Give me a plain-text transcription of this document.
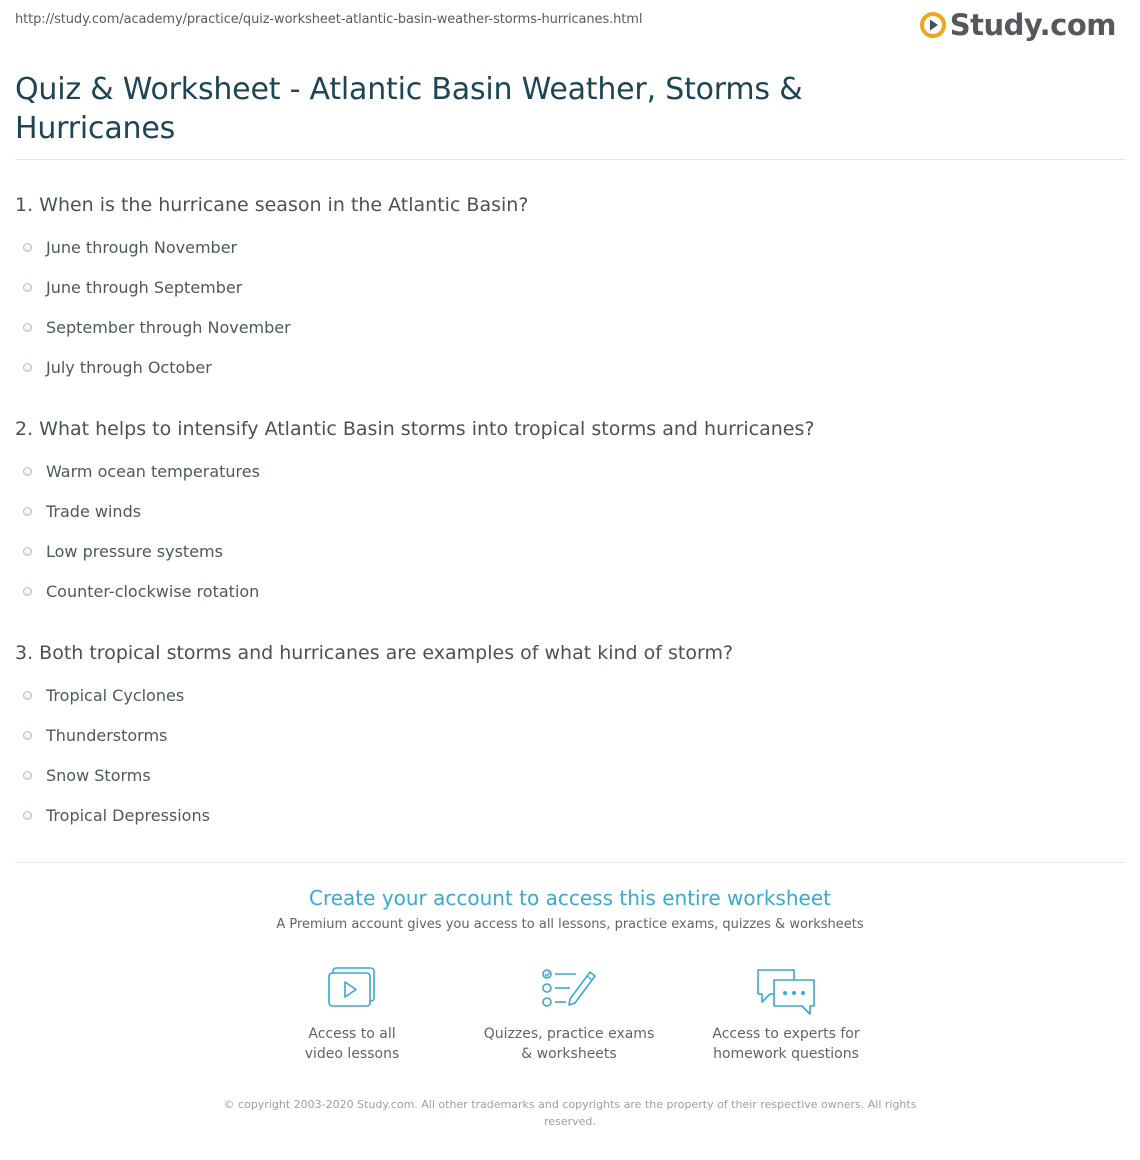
http://study.com/academy/practice/quiz-worksheet-atlantic-basin-weather-storms-hurricanes.html	Study.com
Quiz & Worksheet - Atlantic Basin Weather, Storms & Hurricanes
1. When is the hurricane season in the Atlantic Basin?
June through November
June through September
September through November
July through October
2. What helps to intensify Atlantic Basin storms into tropical storms and hurricanes?
Warm ocean temperatures
Trade winds
Low pressure systems
Counter-clockwise rotation
3. Both tropical storms and hurricanes are examples of what kind of storm?
Tropical Cyclones
Thunderstorms
Snow Storms
Tropical Depressions
Create your account to access this entire worksheet
A Premium account gives you access to all lessons, practice exams, quizzes & worksheets
Access to all
video lessons
Quizzes, practice exams
& worksheets
Access to experts for
homework questions
© copyright 2003-2020 Study.com. All other trademarks and copyrights are the property of their respective owners. All rights reserved.
